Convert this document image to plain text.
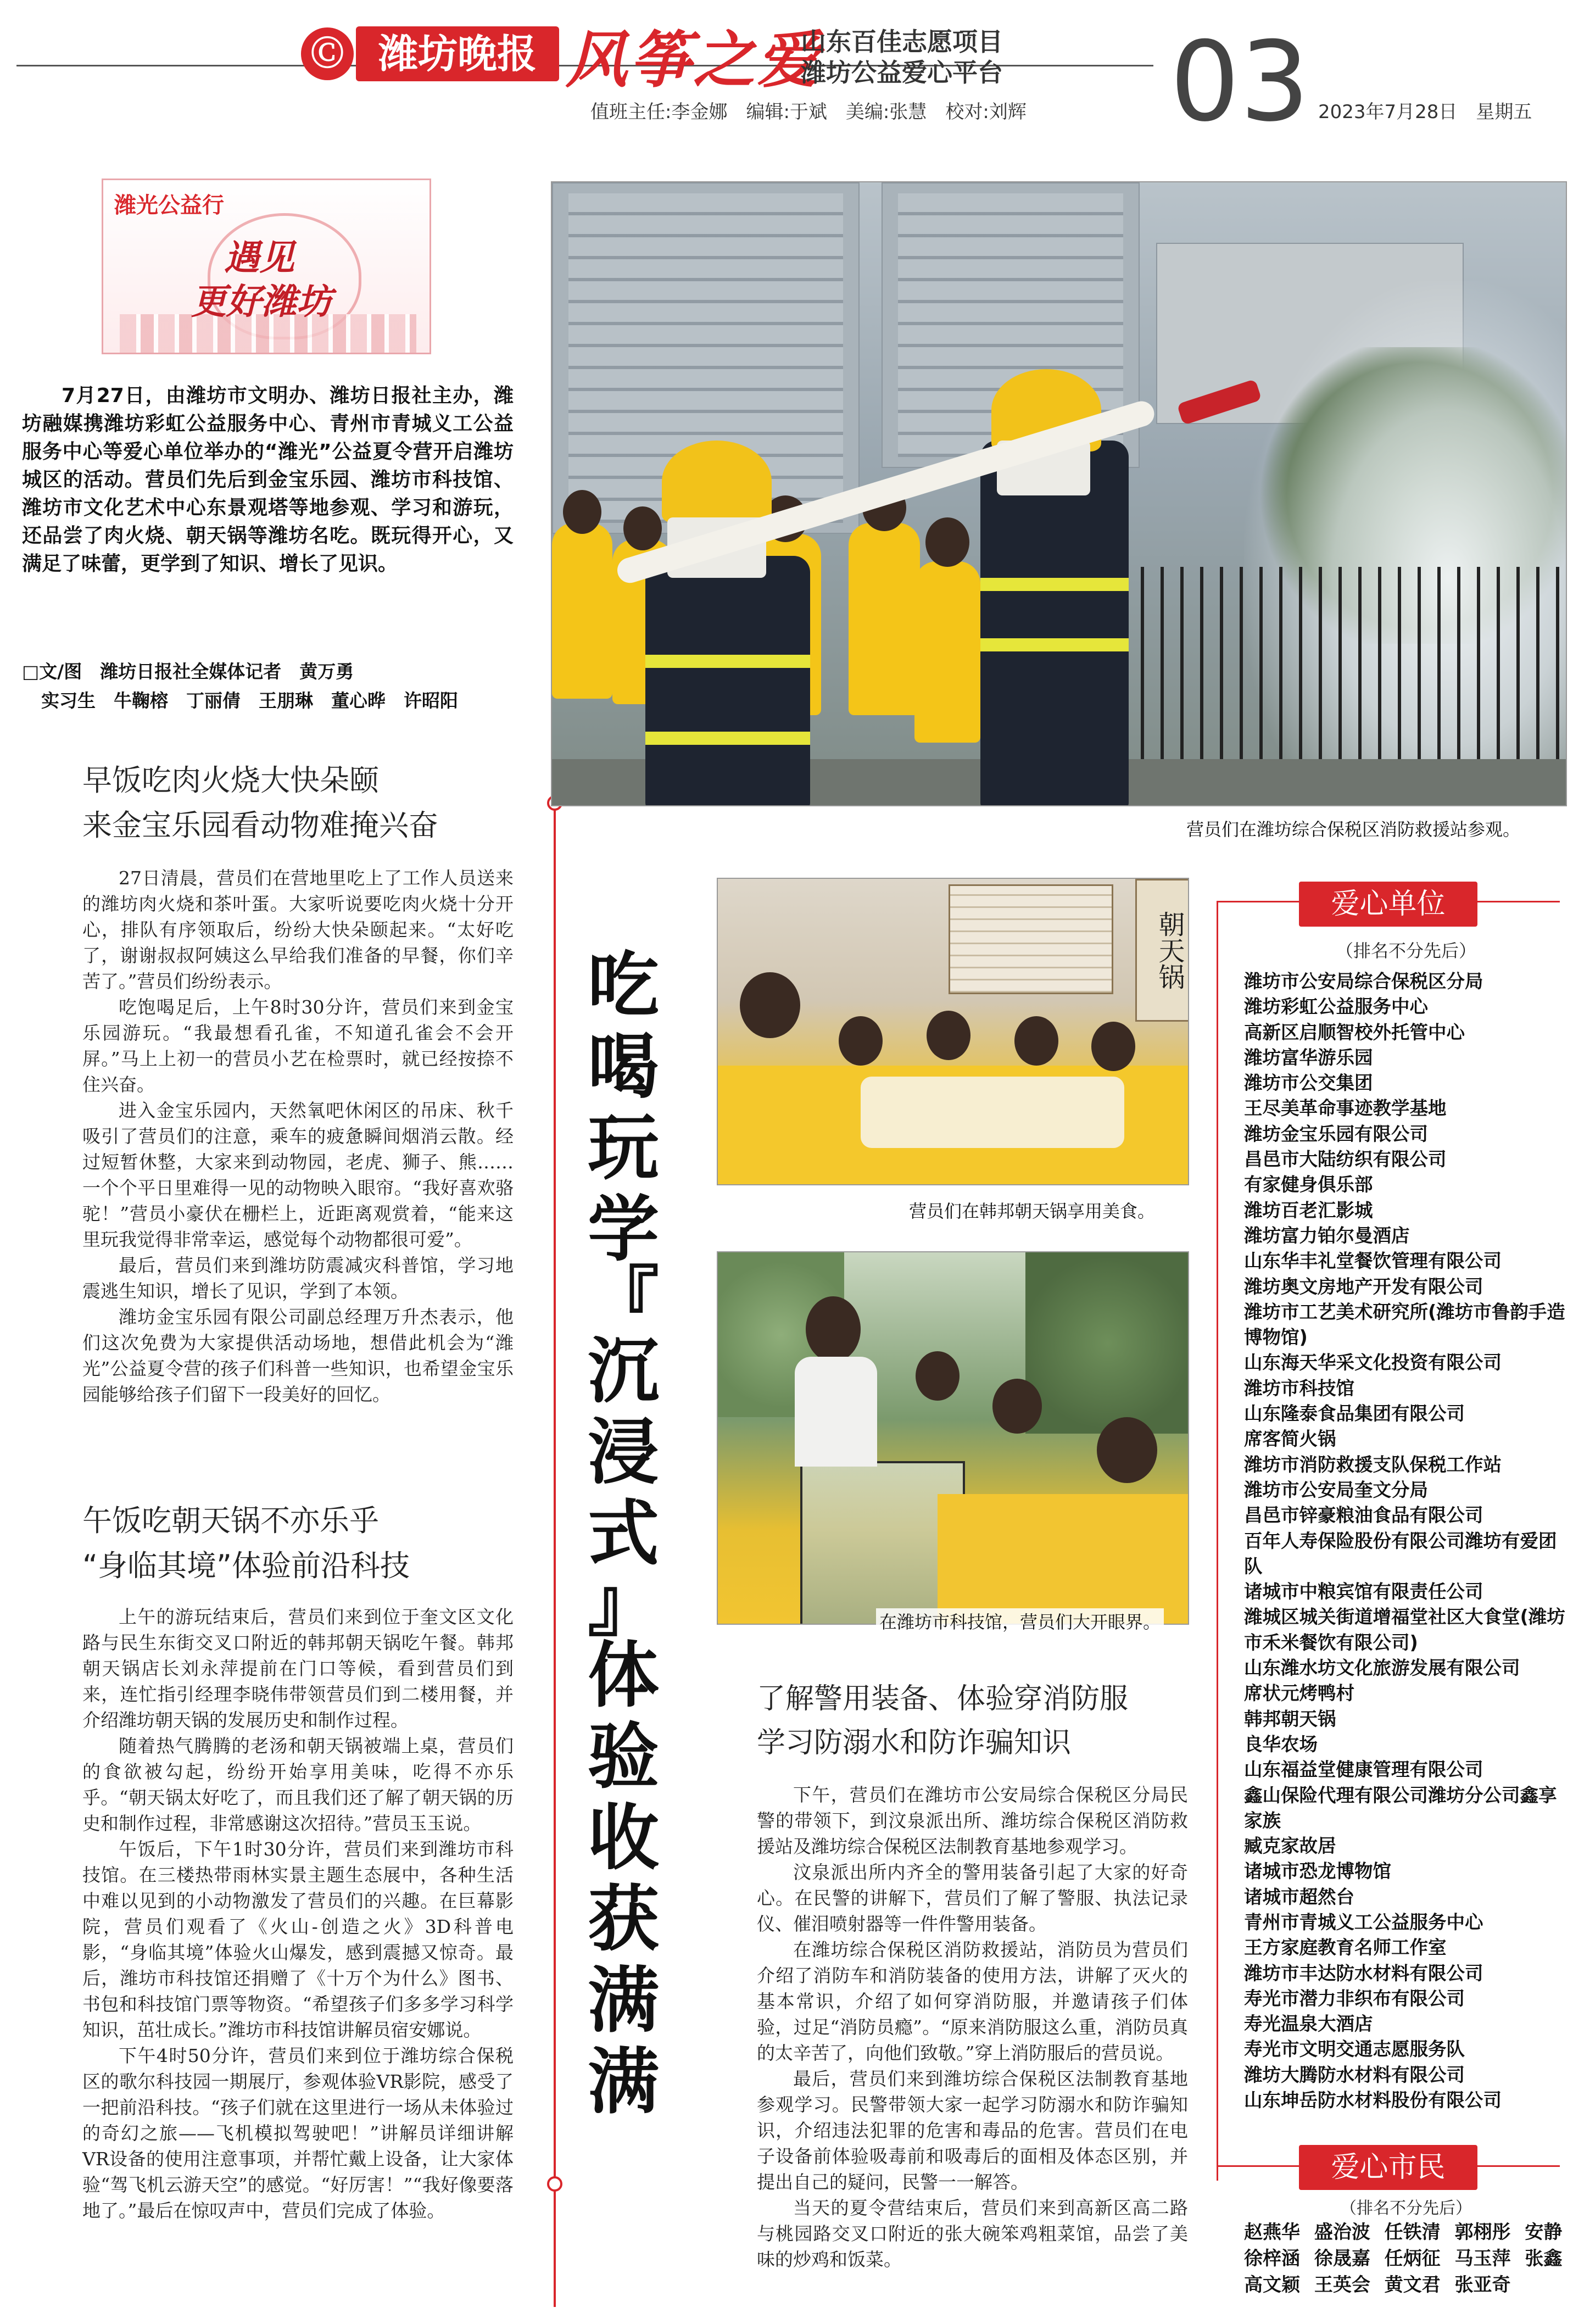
Ⓒ 潍坊晚报 风筝之爱
山东百佳志愿项目
潍坊公益爱心平台 03
值班主任:李金娜　编辑:于斌　美编:张慧　校对:刘辉	2023年7月28日　星期五
潍光公益行
遇见
更好潍坊
7月27日，由潍坊市文明办、潍坊日报社主办，潍坊融媒携潍坊彩虹公益服务中心、青州市青城义工公益服务中心等爱心单位举办的“潍光”公益夏令营开启潍坊城区的活动。营员们先后到金宝乐园、潍坊市科技馆、潍坊市文化艺术中心东景观塔等地参观、学习和游玩，还品尝了肉火烧、朝天锅等潍坊名吃。既玩得开心，又满足了味蕾，更学到了知识、增长了见识。
□文/图　潍坊日报社全媒体记者　黄万勇
实习生　牛鞠榕　丁丽倩　王朋琳　董心晔　许昭阳
早饭吃肉火烧大快朵颐
来金宝乐园看动物难掩兴奋

27日清晨，营员们在营地里吃上了工作人员送来的潍坊肉火烧和茶叶蛋。大家听说要吃肉火烧十分开心，排队有序领取后，纷纷大快朵颐起来。“太好吃了，谢谢叔叔阿姨这么早给我们准备的早餐，你们辛苦了。”营员们纷纷表示。

吃饱喝足后，上午8时30分许，营员们来到金宝乐园游玩。“我最想看孔雀，不知道孔雀会不会开屏。”马上上初一的营员小艺在检票时，就已经按捺不住兴奋。

进入金宝乐园内，天然氧吧休闲区的吊床、秋千吸引了营员们的注意，乘车的疲惫瞬间烟消云散。经过短暂休整，大家来到动物园，老虎、狮子、熊……一个个平日里难得一见的动物映入眼帘。“我好喜欢骆驼！”营员小豪伏在栅栏上，近距离观赏着，“能来这里玩我觉得非常幸运，感觉每个动物都很可爱”。

最后，营员们来到潍坊防震减灾科普馆，学习地震逃生知识，增长了见识，学到了本领。

潍坊金宝乐园有限公司副总经理万升杰表示，他们这次免费为大家提供活动场地，想借此机会为“潍光”公益夏令营的孩子们科普一些知识，也希望金宝乐园能够给孩子们留下一段美好的回忆。

午饭吃朝天锅不亦乐乎
“身临其境”体验前沿科技

上午的游玩结束后，营员们来到位于奎文区文化路与民生东街交叉口附近的韩邦朝天锅吃午餐。韩邦朝天锅店长刘永萍提前在门口等候，看到营员们到来，连忙指引经理李晓伟带领营员们到二楼用餐，并介绍潍坊朝天锅的发展历史和制作过程。

随着热气腾腾的老汤和朝天锅被端上桌，营员们的食欲被勾起，纷纷开始享用美味，吃得不亦乐乎。“朝天锅太好吃了，而且我们还了解了朝天锅的历史和制作过程，非常感谢这次招待。”营员玉玉说。

午饭后，下午1时30分许，营员们来到潍坊市科技馆。在三楼热带雨林实景主题生态展中，各种生活中难以见到的小动物激发了营员们的兴趣。在巨幕影院，营员们观看了《火山-创造之火》3D科普电影，“身临其境”体验火山爆发，感到震撼又惊奇。最后，潍坊市科技馆还捐赠了《十万个为什么》图书、书包和科技馆门票等物资。“希望孩子们多多学习科学知识，茁壮成长。”潍坊市科技馆讲解员宿安娜说。

下午4时50分许，营员们来到位于潍坊综合保税区的歌尔科技园一期展厅，参观体验VR影院，感受了一把前沿科技。“孩子们就在这里进行一场从未体验过的奇幻之旅——飞机模拟驾驶吧！”讲解员详细讲解VR设备的使用注意事项，并帮忙戴上设备，让大家体验“驾飞机云游天空”的感觉。“好厉害！”“我好像要落地了。”最后在惊叹声中，营员们完成了体验。

吃
喝
玩
学
『
沉
浸
式
』
体
验
收
获
满
满
营员们在潍坊综合保税区消防救援站参观。
朝天锅
营员们在韩邦朝天锅享用美食。
在潍坊市科技馆，营员们大开眼界。
了解警用装备、体验穿消防服
学习防溺水和防诈骗知识

下午，营员们在潍坊市公安局综合保税区分局民警的带领下，到汶泉派出所、潍坊综合保税区消防救援站及潍坊综合保税区法制教育基地参观学习。

汶泉派出所内齐全的警用装备引起了大家的好奇心。在民警的讲解下，营员们了解了警服、执法记录仪、催泪喷射器等一件件警用装备。

在潍坊综合保税区消防救援站，消防员为营员们介绍了消防车和消防装备的使用方法，讲解了灭火的基本常识，介绍了如何穿消防服，并邀请孩子们体验，过足“消防员瘾”。“原来消防服这么重，消防员真的太辛苦了，向他们致敬。”穿上消防服后的营员说。

最后，营员们来到潍坊综合保税区法制教育基地参观学习。民警带领大家一起学习防溺水和防诈骗知识，介绍违法犯罪的危害和毒品的危害。营员们在电子设备前体验吸毒前和吸毒后的面相及体态区别，并提出自己的疑问，民警一一解答。

当天的夏令营结束后，营员们来到高新区高二路与桃园路交叉口附近的张大碗笨鸡粗菜馆，品尝了美味的炒鸡和饭菜。

爱心单位
（排名不分先后）
潍坊市公安局综合保税区分局
潍坊彩虹公益服务中心
高新区启顺智校外托管中心
潍坊富华游乐园
潍坊市公交集团
王尽美革命事迹教学基地
潍坊金宝乐园有限公司
昌邑市大陆纺织有限公司
有家健身俱乐部
潍坊百老汇影城
潍坊富力铂尔曼酒店
山东华丰礼堂餐饮管理有限公司
潍坊奥文房地产开发有限公司
潍坊市工艺美术研究所(潍坊市鲁韵手造博物馆)
山东海天华采文化投资有限公司
潍坊市科技馆
山东隆泰食品集团有限公司
席客简火锅
潍坊市消防救援支队保税工作站
潍坊市公安局奎文分局
昌邑市锌豪粮油食品有限公司
百年人寿保险股份有限公司潍坊有爱团队
诸城市中粮宾馆有限责任公司
潍城区城关街道增福堂社区大食堂(潍坊市禾米餐饮有限公司)
山东潍水坊文化旅游发展有限公司
席状元烤鸭村
韩邦朝天锅
良华农场
山东福益堂健康管理有限公司
鑫山保险代理有限公司潍坊分公司鑫享家族
臧克家故居
诸城市恐龙博物馆
诸城市超然台
青州市青城义工公益服务中心
王方家庭教育名师工作室
潍坊市丰达防水材料有限公司
寿光市潜力非织布有限公司
寿光温泉大酒店
寿光市文明交通志愿服务队
潍坊大腾防水材料有限公司
山东坤岳防水材料股份有限公司
爱心市民
（排名不分先后）
赵燕华 盛治波 任铁清 郭栩彤 安静
徐梓涵 徐晟嘉 任炳征 马玉萍 张鑫
高文颖 王英会 黄文君 张亚奇
